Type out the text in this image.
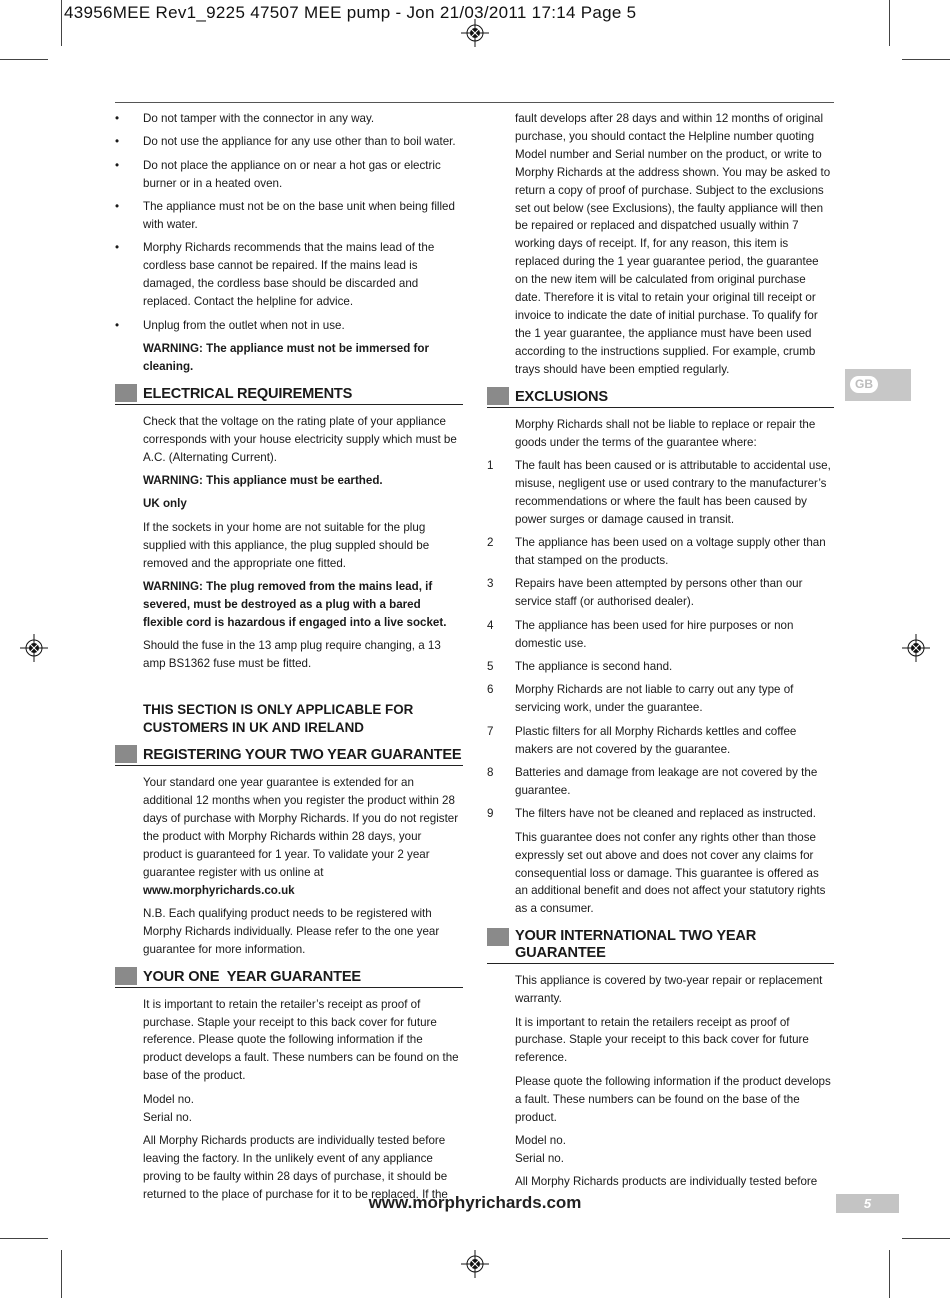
43956MEE Rev1_9225 47507 MEE pump - Jon 21/03/2011 17:14 Page 5
• Do not tamper with the connector in any way.
• Do not use the appliance for any use other than to boil water.
• Do not place the appliance on or near a hot gas or electric burner or in a heated oven.
• The appliance must not be on the base unit when being filled with water.
• Morphy Richards recommends that the mains lead of the cordless base cannot be repaired. If the mains lead is damaged, the cordless base should be discarded and replaced. Contact the helpline for advice.
• Unplug from the outlet when not in use.
WARNING: The appliance must not be immersed for cleaning.
ELECTRICAL REQUIREMENTS
Check that the voltage on the rating plate of your appliance corresponds with your house electricity supply which must be A.C. (Alternating Current).
WARNING: This appliance must be earthed.
UK only
If the sockets in your home are not suitable for the plug supplied with this appliance, the plug suppled should be removed and the appropriate one fitted.
WARNING: The plug removed from the mains lead, if severed, must be destroyed as a plug with a bared flexible cord is hazardous if engaged into a live socket.
Should the fuse in the 13 amp plug require changing, a 13 amp BS1362 fuse must be fitted.
THIS SECTION IS ONLY APPLICABLE FOR CUSTOMERS IN UK AND IRELAND
REGISTERING YOUR TWO YEAR GUARANTEE
Your standard one year guarantee is extended for an additional 12 months when you register the product within 28 days of purchase with Morphy Richards. If you do not register the product with Morphy Richards within 28 days, your product is guaranteed for 1 year. To validate your 2 year guarantee register with us online at www.morphyrichards.co.uk
N.B. Each qualifying product needs to be registered with Morphy Richards individually. Please refer to the one year guarantee for more information.
YOUR ONE  YEAR GUARANTEE
It is important to retain the retailer’s receipt as proof of purchase. Staple your receipt to this back cover for future reference. Please quote the following information if the product develops a fault. These numbers can be found on the base of the product.
Model no.
Serial no.
All Morphy Richards products are individually tested before leaving the factory. In the unlikely event of any appliance proving to be faulty within 28 days of purchase, it should be returned to the place of purchase for it to be replaced. If the
fault develops after 28 days and within 12 months of original purchase, you should contact the Helpline number quoting Model number and Serial number on the product, or write to Morphy Richards at the address shown. You may be asked to return a copy of proof of purchase. Subject to the exclusions set out below (see Exclusions), the faulty appliance will then be repaired or replaced and dispatched usually within 7 working days of receipt. If, for any reason, this item is replaced during the 1 year guarantee period, the guarantee on the new item will be calculated from original purchase date. Therefore it is vital to retain your original till receipt or invoice to indicate the date of initial purchase. To qualify for the 1 year guarantee, the appliance must have been used according to the instructions supplied. For example, crumb trays should have been emptied regularly.
EXCLUSIONS
Morphy Richards shall not be liable to replace or repair the goods under the terms of the guarantee where:
1 The fault has been caused or is attributable to accidental use, misuse, negligent use or used contrary to the manufacturer’s recommendations or where the fault has been caused by power surges or damage caused in transit.
2 The appliance has been used on a voltage supply other than that stamped on the products.
3 Repairs have been attempted by persons other than our service staff (or authorised dealer).
4 The appliance has been used for hire purposes or non domestic use.
5 The appliance is second hand.
6 Morphy Richards are not liable to carry out any type of servicing work, under the guarantee.
7 Plastic filters for all Morphy Richards kettles and coffee makers are not covered by the guarantee.
8 Batteries and damage from leakage are not covered by the guarantee.
9 The filters have not be cleaned and replaced as instructed.
This guarantee does not confer any rights other than those expressly set out above and does not cover any claims for consequential loss or damage. This guarantee is offered as an additional benefit and does not affect your statutory rights as a consumer.
YOUR INTERNATIONAL TWO YEAR
GUARANTEE
This appliance is covered by two-year repair or replacement warranty.
It is important to retain the retailers receipt as proof of purchase. Staple your receipt to this back cover for future reference.
Please quote the following information if the product develops a fault. These numbers can be found on the base of the product.
Model no.
Serial no.
All Morphy Richards products are individually tested before
GB
www.morphyrichards.com	5
